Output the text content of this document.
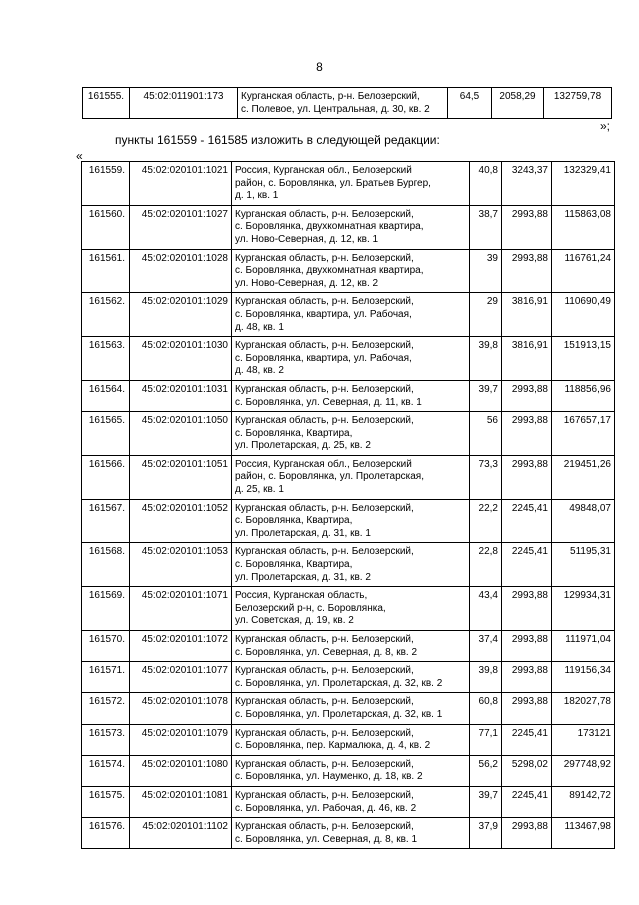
8
161555.	45:02:011901:173	Курганская область, р-н. Белозерский,
с. Полевое, ул. Центральная, д. 30, кв. 2
	64,5	2058,29	132759,78
»;
пункты 161559 - 161585 изложить в следующей редакции:
«
161559.	45:02:020101:1021	Россия, Курганская обл., Белозерский
район, с. Боровлянка, ул. Братьев Бургер,
д. 1, кв. 1	40,8	3243,37	132329,41
161560.	45:02:020101:1027	Курганская область, р-н. Белозерский,
с. Боровлянка, двухкомнатная квартира,
ул. Ново-Северная, д. 12, кв. 1	38,7	2993,88	115863,08
161561.	45:02:020101:1028	Курганская область, р-н. Белозерский,
с. Боровлянка, двухкомнатная квартира,
ул. Ново-Северная, д. 12, кв. 2	39	2993,88	116761,24
161562.	45:02:020101:1029	Курганская область, р-н. Белозерский,
с. Боровлянка, квартира, ул. Рабочая,
д. 48, кв. 1	29	3816,91	110690,49
161563.	45:02:020101:1030	Курганская область, р-н. Белозерский,
с. Боровлянка, квартира, ул. Рабочая,
д. 48, кв. 2	39,8	3816,91	151913,15
161564.	45:02:020101:1031	Курганская область, р-н. Белозерский,
с. Боровлянка, ул. Северная, д. 11, кв. 1	39,7	2993,88	118856,96
161565.	45:02:020101:1050	Курганская область, р-н. Белозерский,
с. Боровлянка, Квартира,
ул. Пролетарская, д. 25, кв. 2	56	2993,88	167657,17
161566.	45:02:020101:1051	Россия, Курганская обл., Белозерский
район, с. Боровлянка, ул. Пролетарская,
д. 25, кв. 1	73,3	2993,88	219451,26
161567.	45:02:020101:1052	Курганская область, р-н. Белозерский,
с. Боровлянка, Квартира,
ул. Пролетарская, д. 31, кв. 1	22,2	2245,41	49848,07
161568.	45:02:020101:1053	Курганская область, р-н. Белозерский,
с. Боровлянка, Квартира,
ул. Пролетарская, д. 31, кв. 2	22,8	2245,41	51195,31
161569.	45:02:020101:1071	Россия, Курганская область,
Белозерский р-н, с. Боровлянка,
ул. Советская, д. 19, кв. 2	43,4	2993,88	129934,31
161570.	45:02:020101:1072	Курганская область, р-н. Белозерский,
с. Боровлянка, ул. Северная, д. 8, кв. 2	37,4	2993,88	111971,04
161571.	45:02:020101:1077	Курганская область, р-н. Белозерский,
с. Боровлянка, ул. Пролетарская, д. 32, кв. 2	39,8	2993,88	119156,34
161572.	45:02:020101:1078	Курганская область, р-н. Белозерский,
с. Боровлянка, ул. Пролетарская, д. 32, кв. 1	60,8	2993,88	182027,78
161573.	45:02:020101:1079	Курганская область, р-н. Белозерский,
с. Боровлянка, пер. Кармалюка, д. 4, кв. 2	77,1	2245,41	173121
161574.	45:02:020101:1080	Курганская область, р-н. Белозерский,
с. Боровлянка, ул. Науменко, д. 18, кв. 2	56,2	5298,02	297748,92
161575.	45:02:020101:1081	Курганская область, р-н. Белозерский,
с. Боровлянка, ул. Рабочая, д. 46, кв. 2	39,7	2245,41	89142,72
161576.	45:02:020101:1102	Курганская область, р-н. Белозерский,
с. Боровлянка, ул. Северная, д. 8, кв. 1	37,9	2993,88	113467,98
